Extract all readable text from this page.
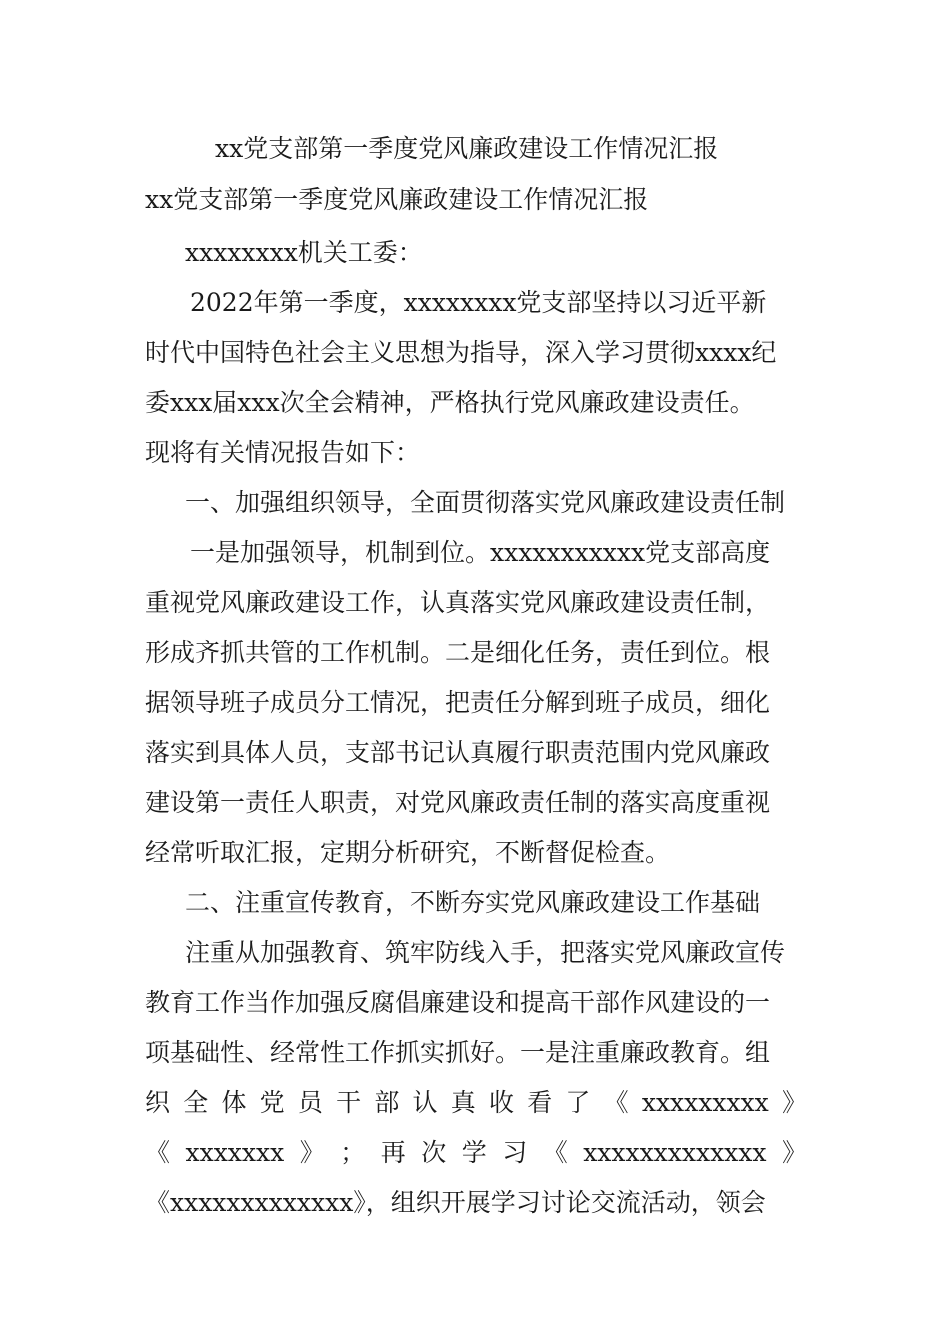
xx党支部第一季度党风廉政建设工作情况汇报
xx党支部第一季度党风廉政建设工作情况汇报
xxxxxxxx机关工委：
2022年第一季度，xxxxxxxx党支部坚持以习近平新
时代中国特色社会主义思想为指导，深入学习贯彻xxxx纪
委xxx届xxx次全会精神，严格执行党风廉政建设责任。
现将有关情况报告如下：
一、加强组织领导，全面贯彻落实党风廉政建设责任制
一是加强领导，机制到位。xxxxxxxxxxx党支部高度
重视党风廉政建设工作，认真落实党风廉政建设责任制，
形成齐抓共管的工作机制。二是细化任务，责任到位。根
据领导班子成员分工情况，把责任分解到班子成员，细化
落实到具体人员，支部书记认真履行职责范围内党风廉政
建设第一责任人职责，对党风廉政责任制的落实高度重视
经常听取汇报，定期分析研究，不断督促检查。
二、注重宣传教育，不断夯实党风廉政建设工作基础
注重从加强教育、筑牢防线入手，把落实党风廉政宣传
教育工作当作加强反腐倡廉建设和提高干部作风建设的一
项基础性、经常性工作抓实抓好。一是注重廉政教育。组
织 全 体 党 员 干 部 认 真 收 看 了 《 xxxxxxxxx 》
《 xxxxxxx 》 ； 再 次 学 习 《 xxxxxxxxxxxxx 》
《xxxxxxxxxxxxx》，组织开展学习讨论交流活动，领会
